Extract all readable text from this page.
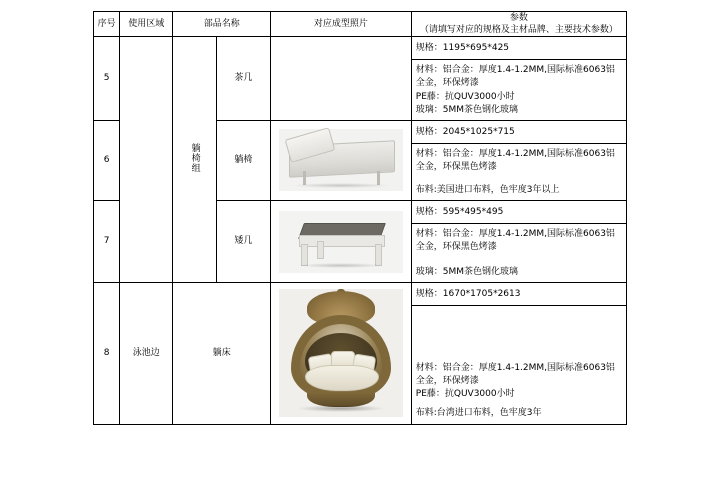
序号	使用区域	部品名称		对应成型照片	参数
（请填写对应的规格及主材品牌、主要技术参数）

5		躺椅组	茶几		规格：1195*695*425
材料：铝合金：厚度1.4-1.2MM,国际标准6063铝全金，环保烤漆
PE藤：抗QUV3000小时
玻璃：5MM茶色钢化玻璃

6			躺椅		规格：2045*1025*715
材料：铝合金：厚度1.4-1.2MM,国际标准6063铝全金，环保黑色烤漆
布料:美国进口布料，色牢度3年以上

7			矮几		规格：595*495*495
材料：铝合金：厚度1.4-1.2MM,国际标准6063铝全金，环保黑色烤漆
玻璃：5MM茶色钢化玻璃

8	泳池边	躺床			规格：1670*1705*2613
材料：铝合金：厚度1.4-1.2MM,国际标准6063铝全金，环保烤漆
PE藤：抗QUV3000小时
布料:台湾进口布料，色牢度3年
